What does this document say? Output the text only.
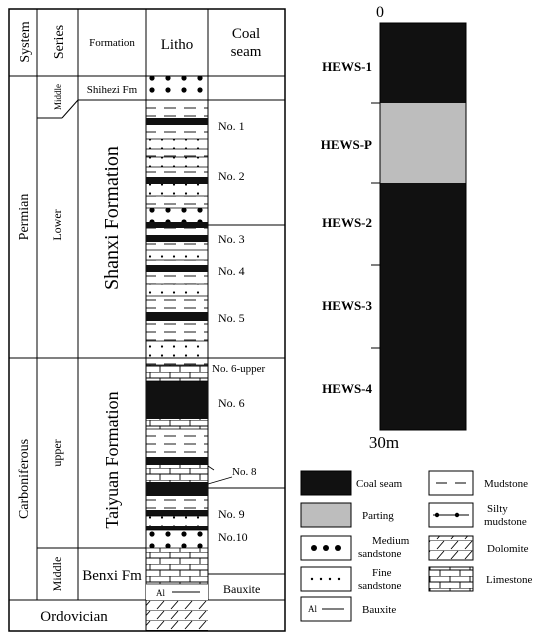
Al
System Series Formation Litho
Coal
seam
Permian
Carboniferous
Ordovician
Middle
Lower
upper
Middle
Shihezi Fm
Shanxi Formation
Taiyuan Formation
Benxi Fm
No. 1
No. 2
No. 3
No. 4
No. 5
No. 6-upper
No. 6
No. 8
No. 9
No.10
Bauxite
0
HEWS-1
HEWS-P
HEWS-2
HEWS-3
HEWS-4
30m
Coal seam
Parting
Medium
sandstone
Fine
sandstone
Al	Bauxite
Mudstone
Silty
mudstone
Dolomite
Limestone
